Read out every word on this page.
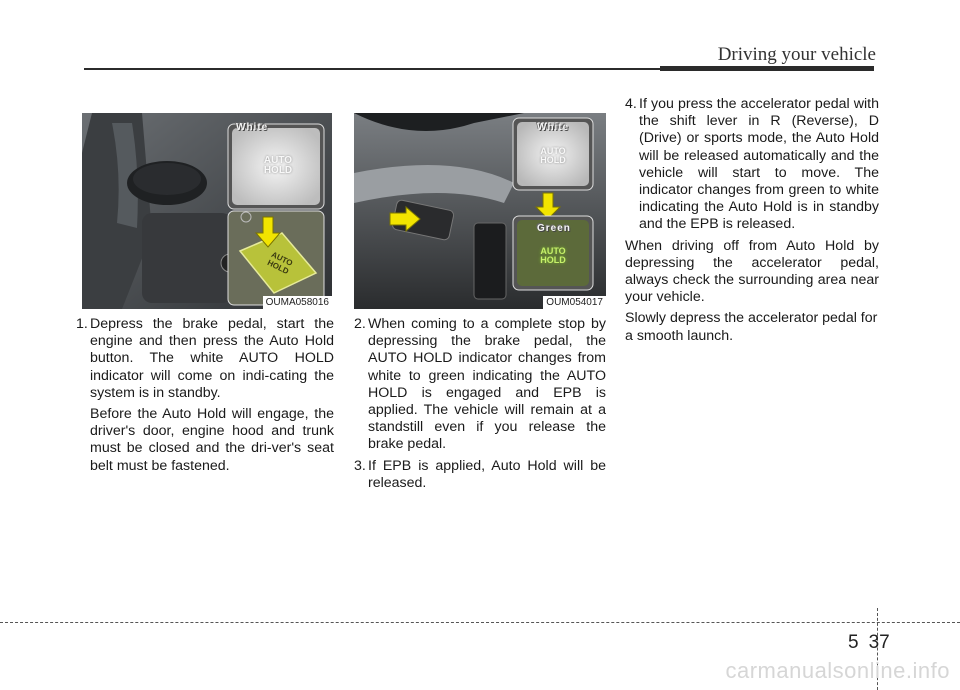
Driving your vehicle
White
AUTO HOLD
AUTO HOLD
OUMA058016
White
AUTO HOLD
Green
AUTO HOLD
OUM054017
1. Depress the brake pedal, start the engine and then press the Auto Hold button. The white AUTO HOLD indicator will come on indi-cating the system is in standby.

Before the Auto Hold will engage, the driver's door, engine hood and trunk must be closed and the dri-ver's seat belt must be fastened.

2. When coming to a complete stop by depressing the brake pedal, the AUTO HOLD indicator changes from white to green indicating the AUTO HOLD is engaged and EPB is applied. The vehicle will remain at a standstill even if you release the brake pedal.
3. If EPB is applied, Auto Hold will be released.
4. If you press the accelerator pedal with the shift lever in R (Reverse), D (Drive) or sports mode, the Auto Hold will be released automatically and the vehicle will start to move. The indicator changes from green to white indicating the Auto Hold is in standby and the EPB is released.

When driving off from Auto Hold by depressing the accelerator pedal, always check the surrounding area near your vehicle.

Slowly depress the accelerator pedal for a smooth launch.

5 37
carmanualsonline.info
